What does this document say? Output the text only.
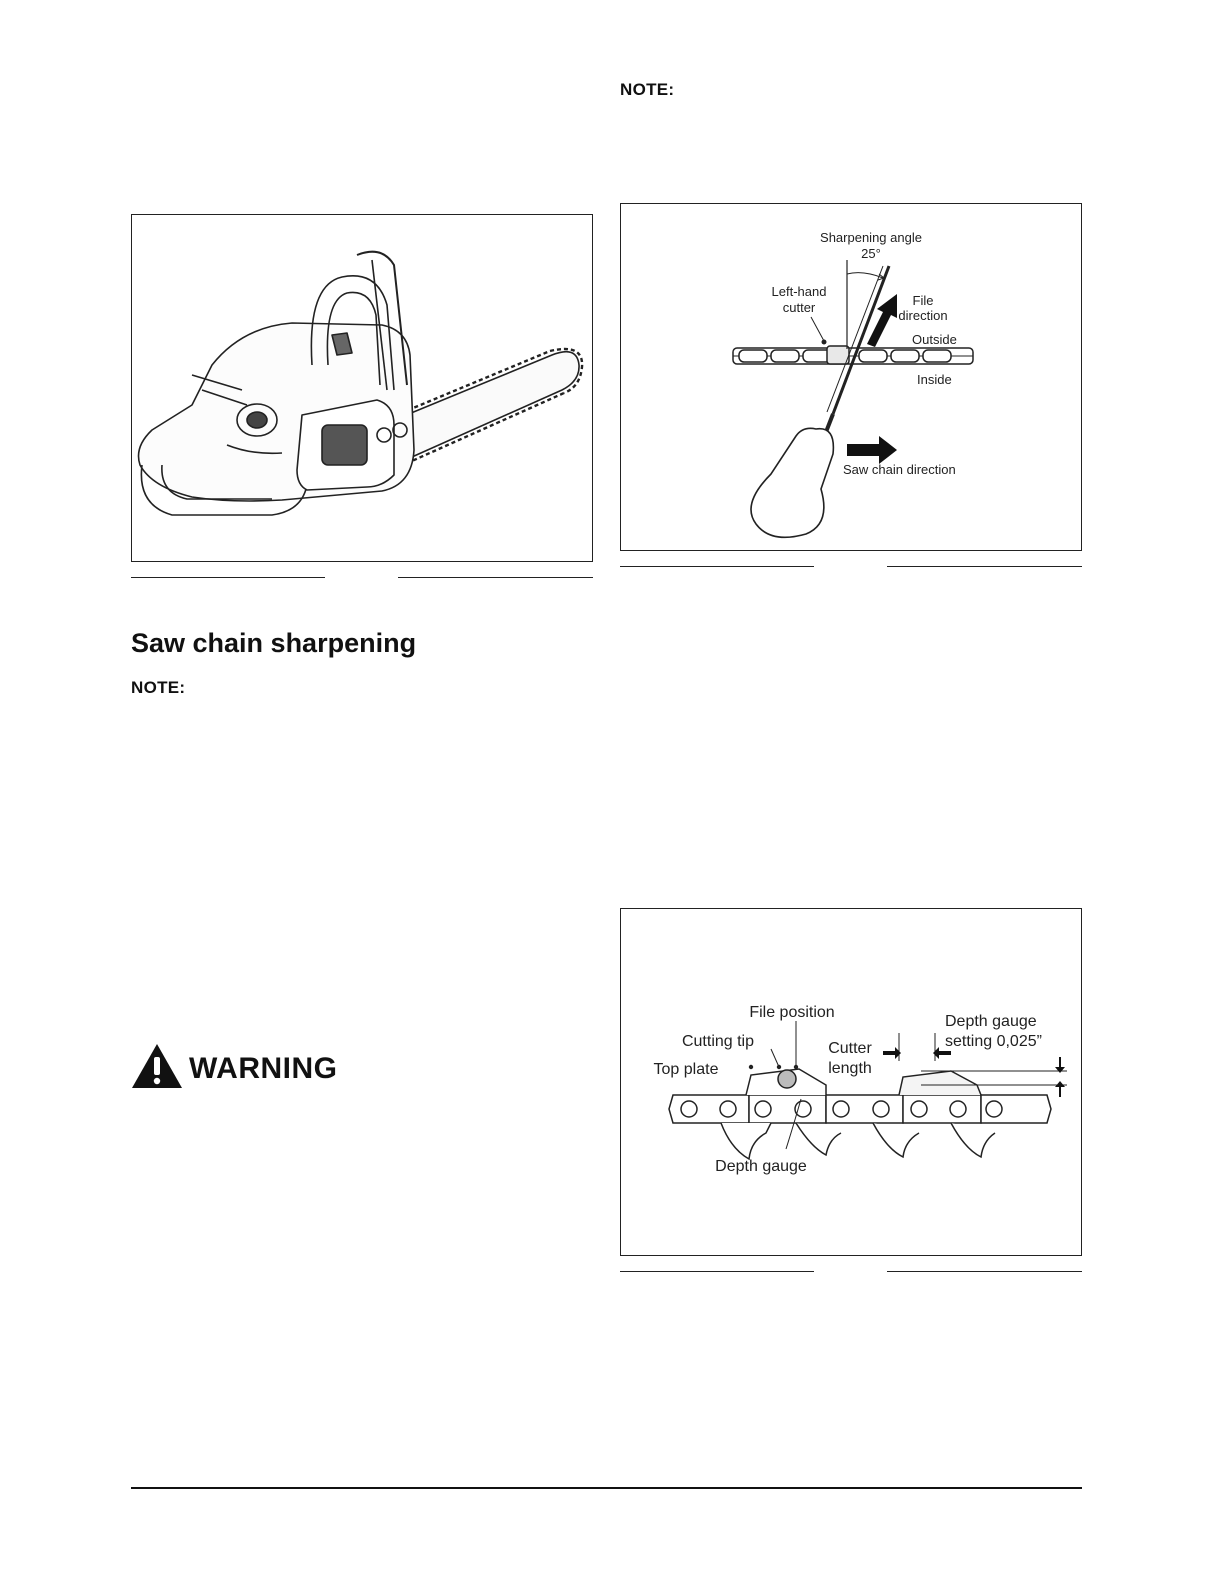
NOTE:
Saw chain sharpening
NOTE:
WARNING
Sharpening angle
25°
Left-hand
cutter	File
direction
Outside
Inside
Saw chain direction
File position
Cutting tip
Top plate
Cutter
length
Depth gauge
setting 0,025”
Depth gauge
